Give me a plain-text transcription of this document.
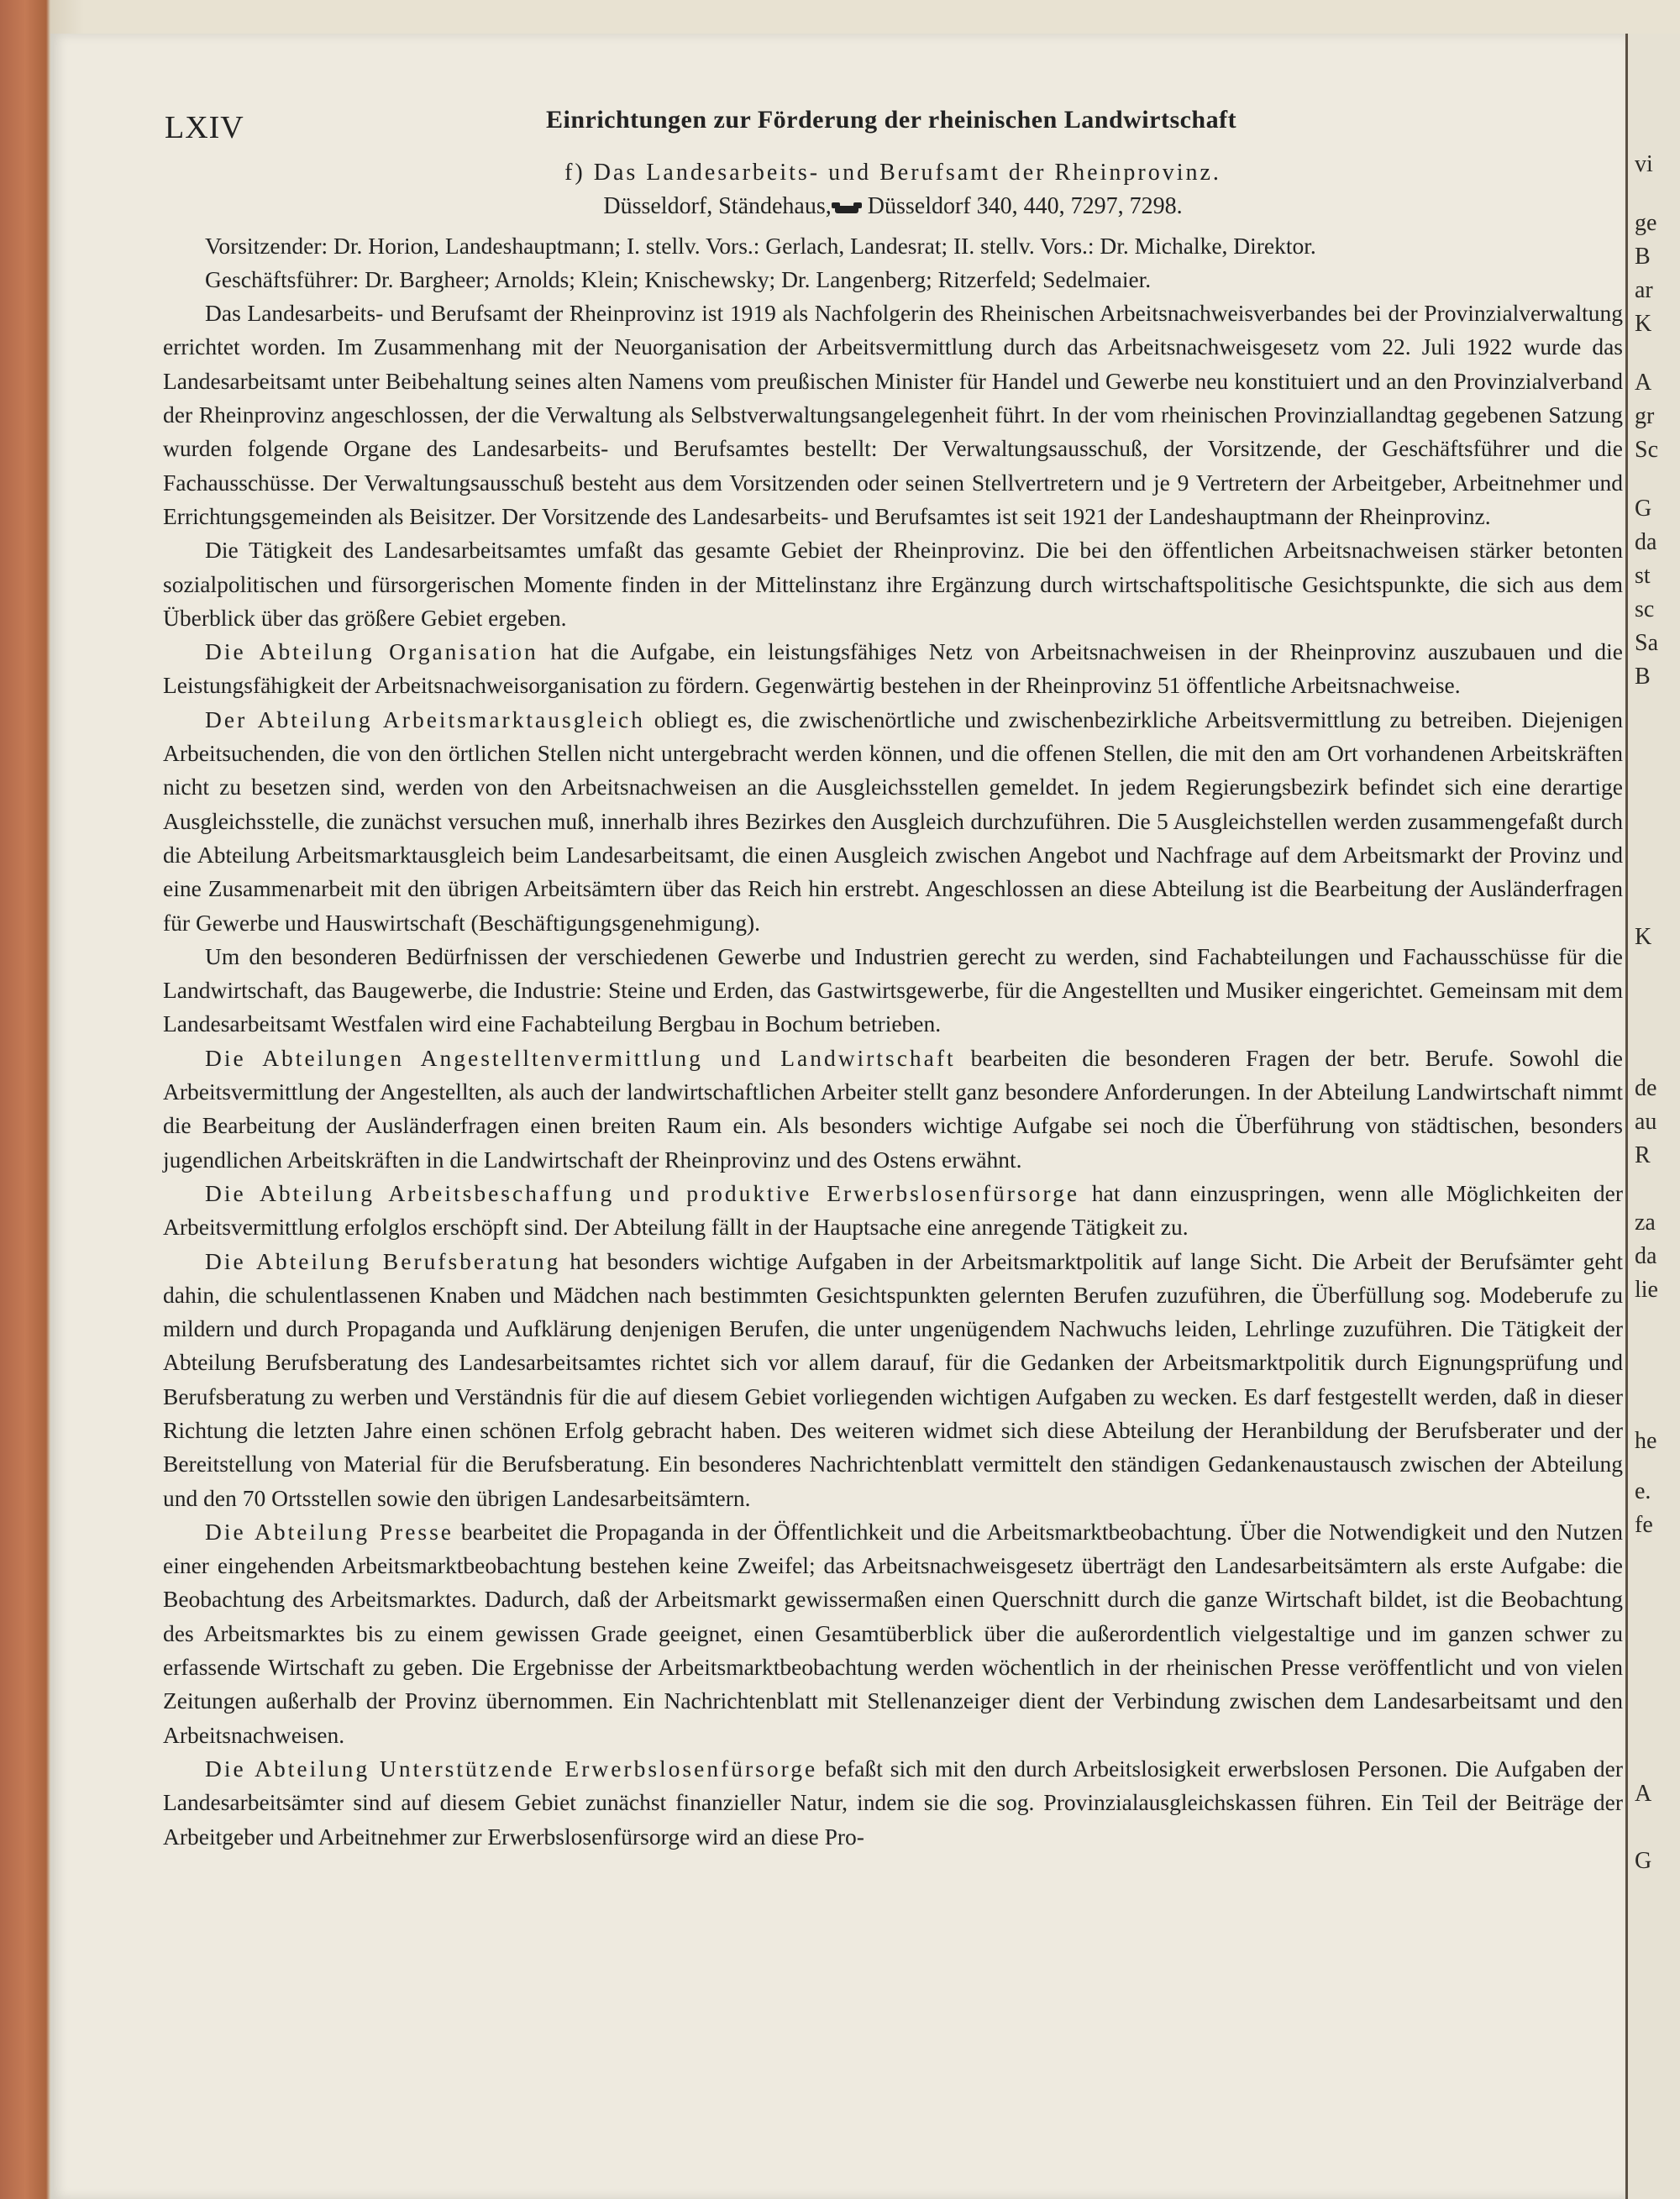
vi
ge
B
ar
K
A
gr
Sc
G
da
st
sc
Sa
B
K
de
au
R
za
da
lie
he
e.
fe
A
G
LXIV	Einrichtungen zur Förderung der rheinischen Landwirtschaft

f) Das Landesarbeits- und Berufsamt der Rheinprovinz.

Düsseldorf, Ständehaus, Düsseldorf 340, 440, 7297, 7298.

Vorsitzender: Dr. Horion, Landeshauptmann; I. stellv. Vors.: Gerlach, Landesrat; II. stellv. Vors.: Dr. Michalke, Direktor.

Geschäftsführer: Dr. Bargheer; Arnolds; Klein; Knischewsky; Dr. Langenberg; Ritzerfeld; Sedelmaier.

Das Landesarbeits- und Berufsamt der Rheinprovinz ist 1919 als Nachfolgerin des Rheinischen Arbeitsnachweisverbandes bei der Provinzialverwaltung errichtet worden. Im Zusammenhang mit der Neuorganisation der Arbeitsvermittlung durch das Arbeitsnachweisgesetz vom 22. Juli 1922 wurde das Landesarbeitsamt unter Beibehaltung seines alten Namens vom preußischen Minister für Handel und Gewerbe neu konstituiert und an den Provinzialverband der Rheinprovinz angeschlossen, der die Verwaltung als Selbstverwaltungsangelegenheit führt. In der vom rheinischen Provinziallandtag gegebenen Satzung wurden folgende Organe des Landesarbeits- und Berufsamtes bestellt: Der Verwaltungsausschuß, der Vorsitzende, der Geschäftsführer und die Fachausschüsse. Der Verwaltungsausschuß besteht aus dem Vorsitzenden oder seinen Stellvertretern und je 9 Vertretern der Arbeitgeber, Arbeitnehmer und Errichtungsgemeinden als Beisitzer. Der Vorsitzende des Landesarbeits- und Berufsamtes ist seit 1921 der Landeshauptmann der Rheinprovinz.

Die Tätigkeit des Landesarbeitsamtes umfaßt das gesamte Gebiet der Rheinprovinz. Die bei den öffentlichen Arbeitsnachweisen stärker betonten sozialpolitischen und fürsorgerischen Momente finden in der Mittelinstanz ihre Ergänzung durch wirtschaftspolitische Gesichtspunkte, die sich aus dem Überblick über das größere Gebiet ergeben.

Die Abteilung Organisation hat die Aufgabe, ein leistungsfähiges Netz von Arbeitsnachweisen in der Rheinprovinz auszubauen und die Leistungsfähigkeit der Arbeitsnachweisorganisation zu fördern. Gegenwärtig bestehen in der Rheinprovinz 51 öffentliche Arbeitsnachweise.

Der Abteilung Arbeitsmarktausgleich obliegt es, die zwischenörtliche und zwischenbezirkliche Arbeitsvermittlung zu betreiben. Diejenigen Arbeitsuchenden, die von den örtlichen Stellen nicht untergebracht werden können, und die offenen Stellen, die mit den am Ort vorhandenen Arbeitskräften nicht zu besetzen sind, werden von den Arbeitsnachweisen an die Ausgleichsstellen gemeldet. In jedem Regierungsbezirk befindet sich eine derartige Ausgleichsstelle, die zunächst versuchen muß, innerhalb ihres Bezirkes den Ausgleich durchzuführen. Die 5 Ausgleichstellen werden zusammengefaßt durch die Abteilung Arbeitsmarktausgleich beim Landesarbeitsamt, die einen Ausgleich zwischen Angebot und Nachfrage auf dem Arbeitsmarkt der Provinz und eine Zusammenarbeit mit den übrigen Arbeitsämtern über das Reich hin erstrebt. Angeschlossen an diese Abteilung ist die Bearbeitung der Ausländerfragen für Gewerbe und Hauswirtschaft (Beschäftigungsgenehmigung).

Um den besonderen Bedürfnissen der verschiedenen Gewerbe und Industrien gerecht zu werden, sind Fachabteilungen und Fachausschüsse für die Landwirtschaft, das Baugewerbe, die Industrie: Steine und Erden, das Gastwirtsgewerbe, für die Angestellten und Musiker eingerichtet. Gemeinsam mit dem Landesarbeitsamt Westfalen wird eine Fachabteilung Bergbau in Bochum betrieben.

Die Abteilungen Angestelltenvermittlung und Landwirtschaft bearbeiten die besonderen Fragen der betr. Berufe. Sowohl die Arbeitsvermittlung der Angestellten, als auch der landwirtschaftlichen Arbeiter stellt ganz besondere Anforderungen. In der Abteilung Landwirtschaft nimmt die Bearbeitung der Ausländerfragen einen breiten Raum ein. Als besonders wichtige Aufgabe sei noch die Überführung von städtischen, besonders jugendlichen Arbeitskräften in die Landwirtschaft der Rheinprovinz und des Ostens erwähnt.

Die Abteilung Arbeitsbeschaffung und produktive Erwerbslosenfürsorge hat dann einzuspringen, wenn alle Möglichkeiten der Arbeitsvermittlung erfolglos erschöpft sind. Der Abteilung fällt in der Hauptsache eine anregende Tätigkeit zu.

Die Abteilung Berufsberatung hat besonders wichtige Aufgaben in der Arbeitsmarktpolitik auf lange Sicht. Die Arbeit der Berufsämter geht dahin, die schulentlassenen Knaben und Mädchen nach bestimmten Gesichtspunkten gelernten Berufen zuzuführen, die Überfüllung sog. Modeberufe zu mildern und durch Propaganda und Aufklärung denjenigen Berufen, die unter ungenügendem Nachwuchs leiden, Lehrlinge zuzuführen. Die Tätigkeit der Abteilung Berufsberatung des Landesarbeitsamtes richtet sich vor allem darauf, für die Gedanken der Arbeitsmarktpolitik durch Eignungsprüfung und Berufsberatung zu werben und Verständnis für die auf diesem Gebiet vorliegenden wichtigen Aufgaben zu wecken. Es darf festgestellt werden, daß in dieser Richtung die letzten Jahre einen schönen Erfolg gebracht haben. Des weiteren widmet sich diese Abteilung der Heranbildung der Berufsberater und der Bereitstellung von Material für die Berufsberatung. Ein besonderes Nachrichtenblatt vermittelt den ständigen Gedankenaustausch zwischen der Abteilung und den 70 Ortsstellen sowie den übrigen Landesarbeitsämtern.

Die Abteilung Presse bearbeitet die Propaganda in der Öffentlichkeit und die Arbeitsmarktbeobachtung. Über die Notwendigkeit und den Nutzen einer eingehenden Arbeitsmarktbeobachtung bestehen keine Zweifel; das Arbeitsnachweisgesetz überträgt den Landesarbeitsämtern als erste Aufgabe: die Beobachtung des Arbeitsmarktes. Dadurch, daß der Arbeitsmarkt gewissermaßen einen Querschnitt durch die ganze Wirtschaft bildet, ist die Beobachtung des Arbeitsmarktes bis zu einem gewissen Grade geeignet, einen Gesamtüberblick über die außerordentlich vielgestaltige und im ganzen schwer zu erfassende Wirtschaft zu geben. Die Ergebnisse der Arbeitsmarktbeobachtung werden wöchentlich in der rheinischen Presse veröffentlicht und von vielen Zeitungen außerhalb der Provinz übernommen. Ein Nachrichtenblatt mit Stellenanzeiger dient der Verbindung zwischen dem Landesarbeitsamt und den Arbeitsnachweisen.

Die Abteilung Unterstützende Erwerbslosenfürsorge befaßt sich mit den durch Arbeitslosigkeit erwerbslosen Personen. Die Aufgaben der Landesarbeitsämter sind auf diesem Gebiet zunächst finanzieller Natur, indem sie die sog. Provinzialausgleichskassen führen. Ein Teil der Beiträge der Arbeitgeber und Arbeitnehmer zur Erwerbslosenfürsorge wird an diese Pro-
